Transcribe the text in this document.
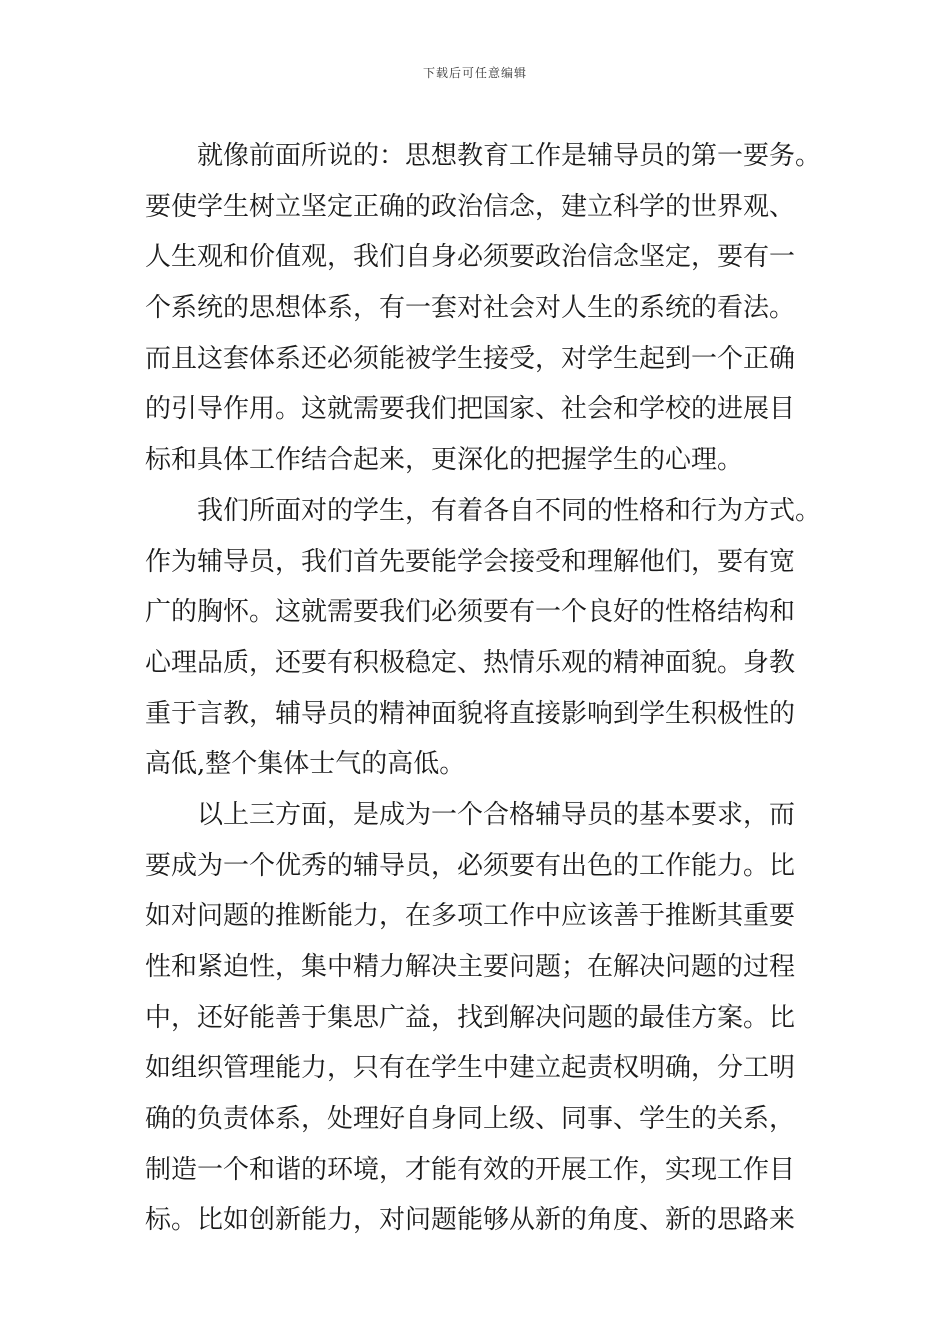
下载后可任意编辑
　　就像前面所说的：思想教育工作是辅导员的第一要务。
要使学生树立坚定正确的政治信念，建立科学的世界观、
人生观和价值观，我们自身必须要政治信念坚定，要有一
个系统的思想体系，有一套对社会对人生的系统的看法。
而且这套体系还必须能被学生接受，对学生起到一个正确
的引导作用。这就需要我们把国家、社会和学校的进展目
标和具体工作结合起来，更深化的把握学生的心理。
　　我们所面对的学生，有着各自不同的性格和行为方式。
作为辅导员，我们首先要能学会接受和理解他们，要有宽
广的胸怀。这就需要我们必须要有一个良好的性格结构和
心理品质，还要有积极稳定、热情乐观的精神面貌。身教
重于言教，辅导员的精神面貌将直接影响到学生积极性的
高低,整个集体士气的高低。
　　以上三方面，是成为一个合格辅导员的基本要求，而
要成为一个优秀的辅导员，必须要有出色的工作能力。比
如对问题的推断能力，在多项工作中应该善于推断其重要
性和紧迫性，集中精力解决主要问题；在解决问题的过程
中，还好能善于集思广益，找到解决问题的最佳方案。比
如组织管理能力，只有在学生中建立起责权明确，分工明
确的负责体系，处理好自身同上级、同事、学生的关系，
制造一个和谐的环境，才能有效的开展工作，实现工作目
标。比如创新能力，对问题能够从新的角度、新的思路来
